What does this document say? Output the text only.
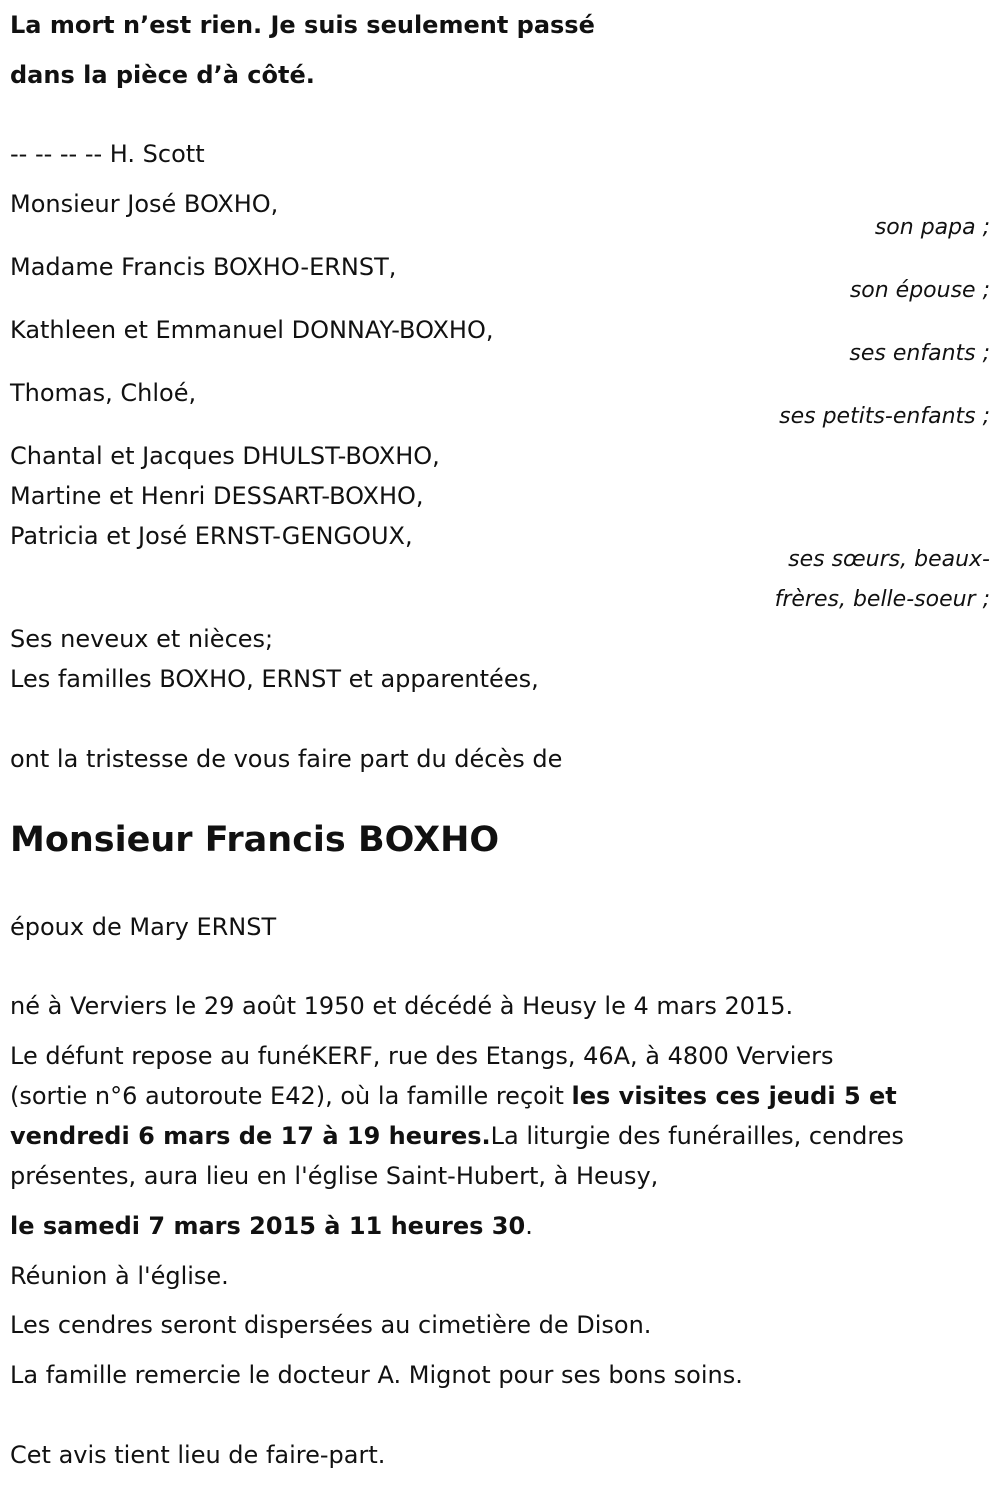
La mort n’est rien. Je suis seulement passé
dans la pièce d’à côté.
-- -- -- -- H. Scott
Monsieur José BOXHO,
son papa ;
Madame Francis BOXHO-ERNST,
son épouse ;
Kathleen et Emmanuel DONNAY-BOXHO,
ses enfants ;
Thomas, Chloé,
ses petits-enfants ;
Chantal et Jacques DHULST-BOXHO,
Martine et Henri DESSART-BOXHO,
Patricia et José ERNST-GENGOUX,
ses sœurs, beaux-
frères, belle-soeur ;
Ses neveux et nièces;
Les familles BOXHO, ERNST et apparentées,
ont la tristesse de vous faire part du décès de
Monsieur Francis BOXHO
époux de Mary ERNST
né à Verviers le 29 août 1950 et décédé à Heusy le 4 mars 2015.
Le défunt repose au funéKERF, rue des Etangs, 46A, à 4800 Verviers
(sortie n°6 autoroute E42), où la famille reçoit les visites ces jeudi 5 et
vendredi 6 mars de 17 à 19 heures.La liturgie des funérailles, cendres
présentes, aura lieu en l'église Saint-Hubert, à Heusy,
le samedi 7 mars 2015 à 11 heures 30.
Réunion à l'église.
Les cendres seront dispersées au cimetière de Dison.
La famille remercie le docteur A. Mignot pour ses bons soins.
Cet avis tient lieu de faire-part.
